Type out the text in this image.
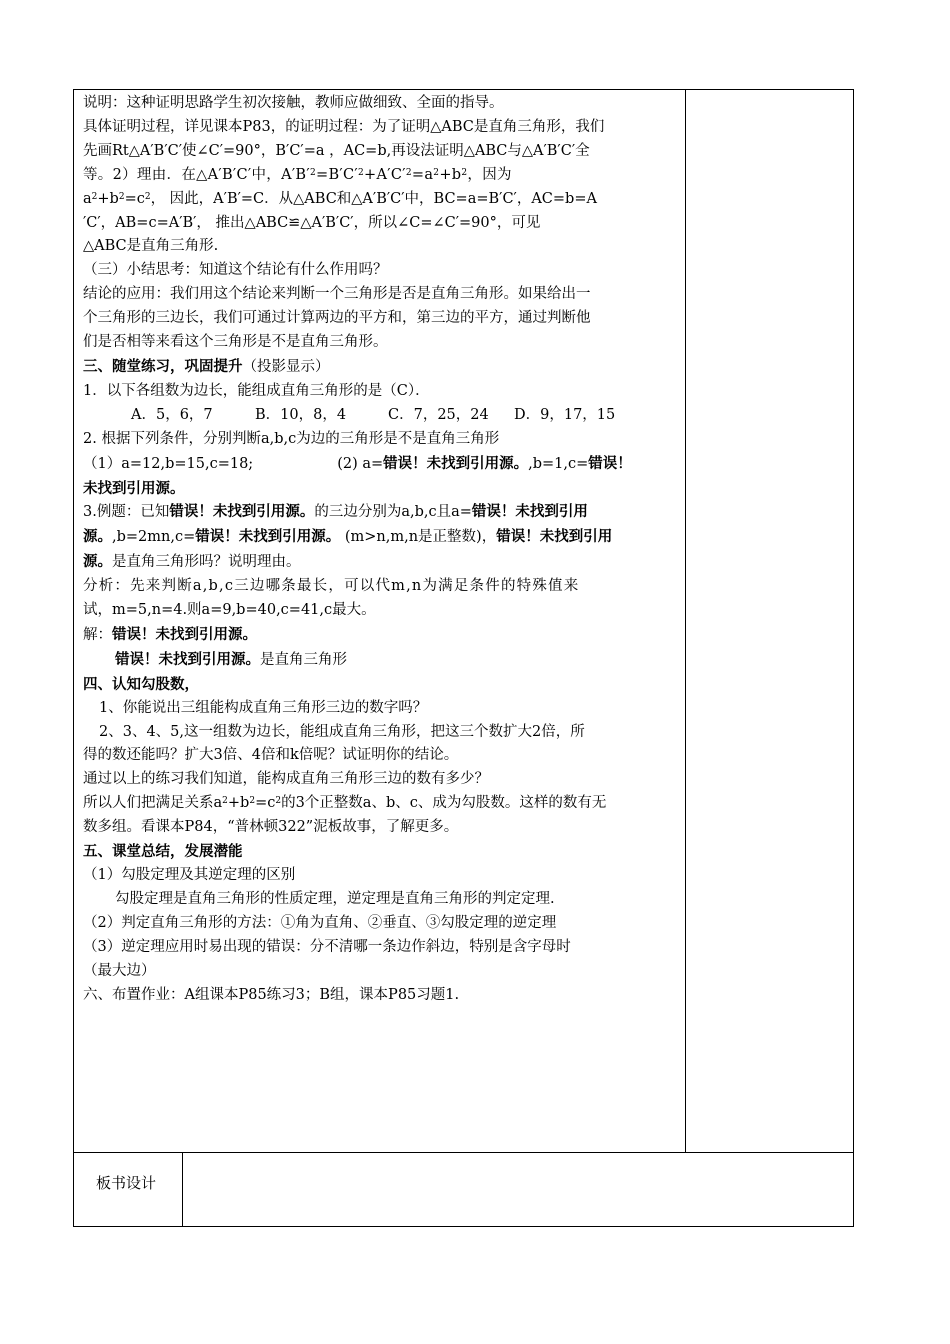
板书设计

说明：这种证明思路学生初次接触，教师应做细致、全面的指导。

具体证明过程，详见课本P83，的证明过程：为了证明△ABC是直角三角形，我们

先画Rt△A′B′C′使∠C′=90°，B′C′=a ，AC=b,再设法证明△ABC与△A′B′C′全

等。2）理由．在△A′B′C′中，$A'B'^2=B'C'^2+A'C'^2=a^2+b^2$，因为

$a^2+b^2=c^2$， 因此，A′B′=C．从△ABC和△A′B′C′中，BC=a=B′C′，AC=b=A

′C′，AB=c=A′B′， 推出△ABC≌△A′B′C′，所以∠C=∠C′=90°，可见

△ABC是直角三角形.

（三）小结思考：知道这个结论有什么作用吗？

结论的应用：我们用这个结论来判断一个三角形是否是直角三角形。如果给出一

个三角形的三边长，我们可通过计算两边的平方和，第三边的平方，通过判断他

们是否相等来看这个三角形是不是直角三角形。

三、随堂练习，巩固提升（投影显示）

1．以下各组数为边长，能组成直角三角形的是（C）．

A．5，6，7	B．10，8，4	C．7，25，24 D．9，17，15

2. 根据下列条件，分别判断a,b,c为边的三角形是不是直角三角形

（1）a=12,b=15,c=18;	(2) a=错误！未找到引用源。,b=1,c=错误！

未找到引用源。

3.例题：已知错误！未找到引用源。的三边分别为a,b,c且a=错误！未找到引用

源。,b=2mn,c=错误！未找到引用源。 (m>n,m,n是正整数)，错误！未找到引用

源。是直角三角形吗？说明理由。

分析：先来判断a,b,c三边哪条最长，可以代m,n为满足条件的特殊值来

试，m=5,n=4.则a=9,b=40,c=41,c最大。

解：错误！未找到引用源。

错误！未找到引用源。是直角三角形

四、认知勾股数，

1、你能说出三组能构成直角三角形三边的数字吗？

2、3、4、5,这一组数为边长，能组成直角三角形，把这三个数扩大2倍，所

得的数还能吗？扩大3倍、4倍和k倍呢？试证明你的结论。

通过以上的练习我们知道，能构成直角三角形三边的数有多少？

所以人们把满足关系$a^2+b^2=c^2$的3个正整数a、b、c、成为勾股数。这样的数有无

数多组。看课本P84，“普林顿322”泥板故事，了解更多。

五、课堂总结，发展潜能

（1）勾股定理及其逆定理的区别

勾股定理是直角三角形的性质定理，逆定理是直角三角形的判定定理.

（2）判定直角三角形的方法：①角为直角、②垂直、③勾股定理的逆定理

（3）逆定理应用时易出现的错误：分不清哪一条边作斜边，特别是含字母时

（最大边）

六、布置作业：A组课本P85练习3；B组，课本P85习题1.
